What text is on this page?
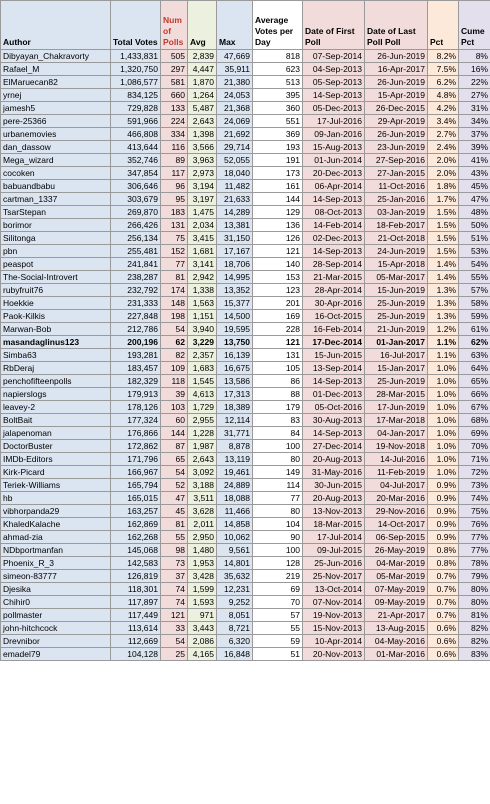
Author	Total Votes	Num of Polls	Avg	Max	Average Votes per Day	Date of First Poll	Date of Last Poll Poll	Pct	Cume Pct
Dibyayan_Chakravorty	1,433,831	505	2,839	47,669	818	07-Sep-2014	26-Jun-2019	8.2%	8%
Rafael_M	1,320,750	297	4,447	35,911	623	04-Sep-2013	16-Apr-2017	7.5%	16%
ElMaruecan82	1,086,577	581	1,870	21,380	513	05-Sep-2013	26-Jun-2019	6.2%	22%
yrnej	834,125	660	1,264	24,053	395	14-Sep-2013	15-Apr-2019	4.8%	27%
jamesh5	729,828	133	5,487	21,368	360	05-Dec-2013	26-Dec-2015	4.2%	31%
pere-25366	591,966	224	2,643	24,069	551	17-Jul-2016	29-Apr-2019	3.4%	34%
urbanemovies	466,808	334	1,398	21,692	369	09-Jan-2016	26-Jun-2019	2.7%	37%
dan_dassow	413,644	116	3,566	29,714	193	15-Aug-2013	23-Jun-2019	2.4%	39%
Mega_wizard	352,746	89	3,963	52,055	191	01-Jun-2014	27-Sep-2016	2.0%	41%
cocoken	347,854	117	2,973	18,040	173	20-Dec-2013	27-Jan-2015	2.0%	43%
babuandbabu	306,646	96	3,194	11,482	161	06-Apr-2014	11-Oct-2016	1.8%	45%
cartman_1337	303,679	95	3,197	21,633	144	14-Sep-2013	25-Jan-2016	1.7%	47%
TsarStepan	269,870	183	1,475	14,289	129	08-Oct-2013	03-Jan-2019	1.5%	48%
borimor	266,426	131	2,034	13,381	136	14-Feb-2014	18-Feb-2017	1.5%	50%
Silitonga	256,134	75	3,415	31,150	126	02-Dec-2013	21-Oct-2018	1.5%	51%
pbn	255,481	152	1,681	17,167	121	14-Sep-2013	24-Jun-2019	1.5%	53%
peaspot	241,841	77	3,141	18,706	140	28-Sep-2014	15-Apr-2018	1.4%	54%
The-Social-Introvert	238,287	81	2,942	14,995	153	21-Mar-2015	05-Mar-2017	1.4%	55%
rubyfruit76	232,792	174	1,338	13,352	123	28-Apr-2014	15-Jun-2019	1.3%	57%
Hoekkie	231,333	148	1,563	15,377	201	30-Apr-2016	25-Jun-2019	1.3%	58%
Paok-Kilkis	227,848	198	1,151	14,500	169	16-Oct-2015	25-Jun-2019	1.3%	59%
Marwan-Bob	212,786	54	3,940	19,595	228	16-Feb-2014	21-Jun-2019	1.2%	61%
masandaglinus123	200,196	62	3,229	13,750	121	17-Dec-2014	01-Jan-2017	1.1%	62%
Simba63	193,281	82	2,357	16,139	131	15-Jun-2015	16-Jul-2017	1.1%	63%
RbDeraj	183,457	109	1,683	16,675	105	13-Sep-2014	15-Jan-2017	1.0%	64%
penchofifteenpolls	182,329	118	1,545	13,586	86	14-Sep-2013	25-Jun-2019	1.0%	65%
napierslogs	179,913	39	4,613	17,313	88	01-Dec-2013	28-Mar-2015	1.0%	66%
leavey-2	178,126	103	1,729	18,389	179	05-Oct-2016	17-Jun-2019	1.0%	67%
BoltBait	177,324	60	2,955	12,114	83	30-Aug-2013	17-Mar-2018	1.0%	68%
jalapenoman	176,866	144	1,228	31,771	84	14-Sep-2013	04-Jan-2017	1.0%	69%
DoctorBuster	172,862	87	1,987	8,878	100	27-Dec-2014	19-Nov-2018	1.0%	70%
IMDb-Editors	171,796	65	2,643	13,119	80	20-Aug-2013	14-Jul-2016	1.0%	71%
Kirk-Picard	166,967	54	3,092	19,461	149	31-May-2016	11-Feb-2019	1.0%	72%
Teriek-Williams	165,794	52	3,188	24,889	114	30-Jun-2015	04-Jul-2017	0.9%	73%
hb	165,015	47	3,511	18,088	77	20-Aug-2013	20-Mar-2016	0.9%	74%
vibhorpanda29	163,257	45	3,628	11,466	80	13-Nov-2013	29-Nov-2016	0.9%	75%
KhaledKalache	162,869	81	2,011	14,858	104	18-Mar-2015	14-Oct-2017	0.9%	76%
ahmad-zia	162,268	55	2,950	10,062	90	17-Jul-2014	06-Sep-2015	0.9%	77%
NDbportmanfan	145,068	98	1,480	9,561	100	09-Jul-2015	26-May-2019	0.8%	77%
Phoenix_R_3	142,583	73	1,953	14,801	128	25-Jun-2016	04-Mar-2019	0.8%	78%
simeon-83777	126,819	37	3,428	35,632	219	25-Nov-2017	05-Mar-2019	0.7%	79%
Djesika	118,301	74	1,599	12,231	69	13-Oct-2014	07-May-2019	0.7%	80%
Chihir0	117,897	74	1,593	9,252	70	07-Nov-2014	09-May-2019	0.7%	80%
pollmaster	117,449	121	971	8,051	57	19-Nov-2013	21-Apr-2017	0.7%	81%
john-hitchcock	113,614	33	3,443	8,721	55	15-Nov-2013	13-Aug-2015	0.6%	82%
Drevnibor	112,669	54	2,086	6,320	59	10-Apr-2014	04-May-2016	0.6%	82%
emadel79	104,128	25	4,165	16,848	51	20-Nov-2013	01-Mar-2016	0.6%	83%
